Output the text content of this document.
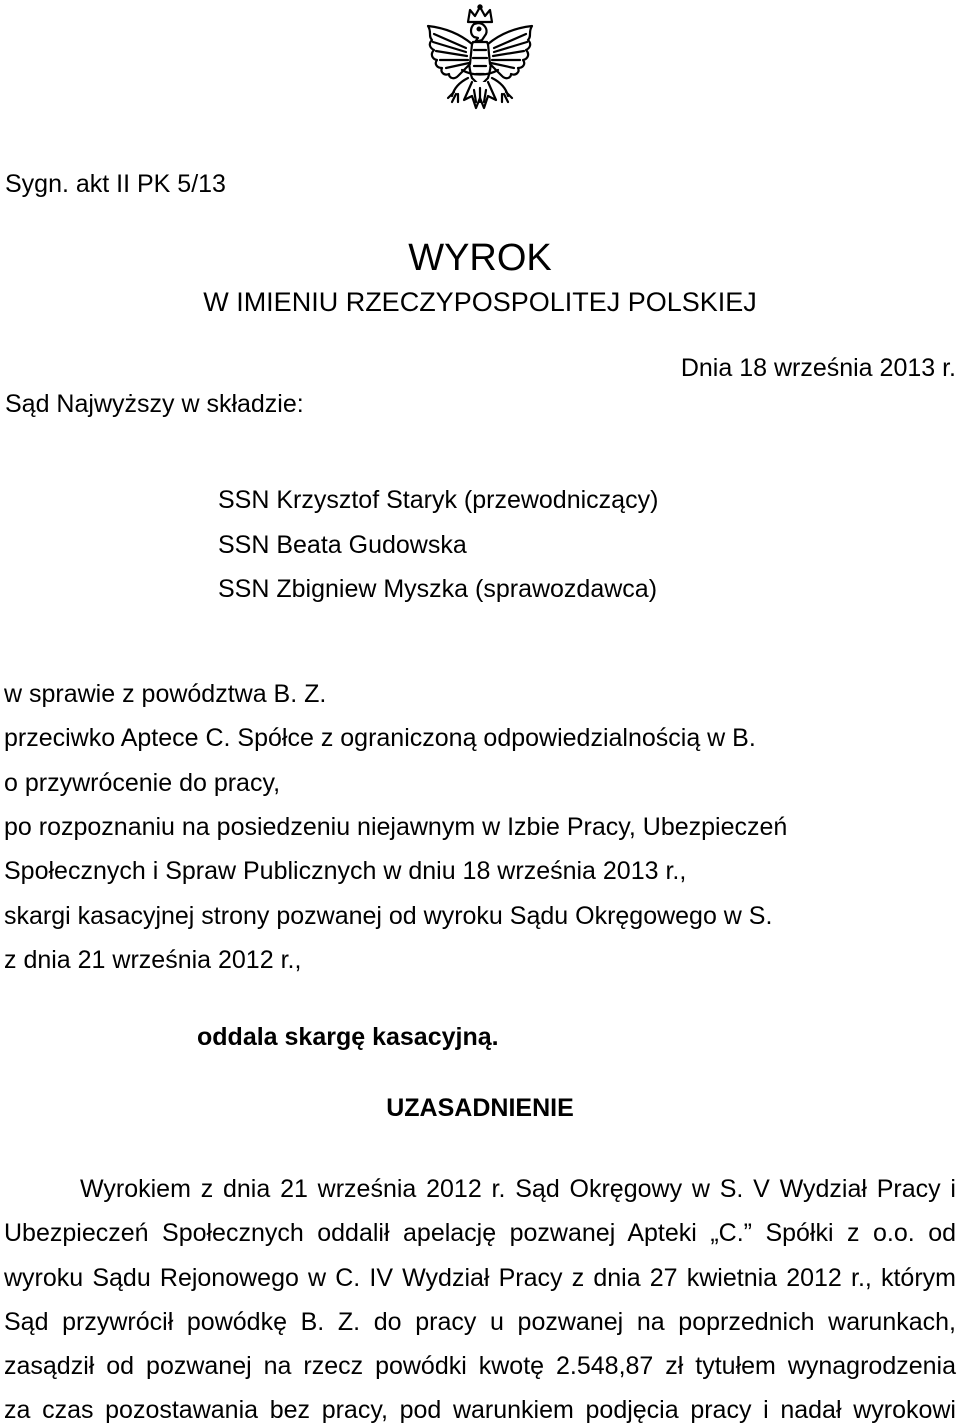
Sygn. akt II PK 5/13
WYROK
W IMIENIU RZECZYPOSPOLITEJ POLSKIEJ
Dnia 18 września 2013 r.
Sąd Najwyższy w składzie:
SSN Krzysztof Staryk (przewodniczący)
SSN Beata Gudowska
SSN Zbigniew Myszka (sprawozdawca)
w sprawie z powództwa B. Z.
przeciwko Aptece C. Spółce z ograniczoną odpowiedzialnością w B.
o przywrócenie do pracy,
po rozpoznaniu na posiedzeniu niejawnym w Izbie Pracy, Ubezpieczeń
Społecznych i Spraw Publicznych w dniu 18 września 2013 r.,
skargi kasacyjnej strony pozwanej od wyroku Sądu Okręgowego w S.
z dnia 21 września 2012 r.,
oddala skargę kasacyjną.
UZASADNIENIE
Wyrokiem z dnia 21 września 2012 r. Sąd Okręgowy w S. V Wydział Pracy i
Ubezpieczeń Społecznych oddalił apelację pozwanej Apteki „C.” Spółki z o.o. od
wyroku Sądu Rejonowego w C. IV Wydział Pracy z dnia 27 kwietnia 2012 r., którym
Sąd przywrócił powódkę B. Z. do pracy u pozwanej na poprzednich warunkach,
zasądził od pozwanej na rzecz powódki kwotę 2.548,87 zł tytułem wynagrodzenia
za czas pozostawania bez pracy, pod warunkiem podjęcia pracy i nadał wyrokowi
